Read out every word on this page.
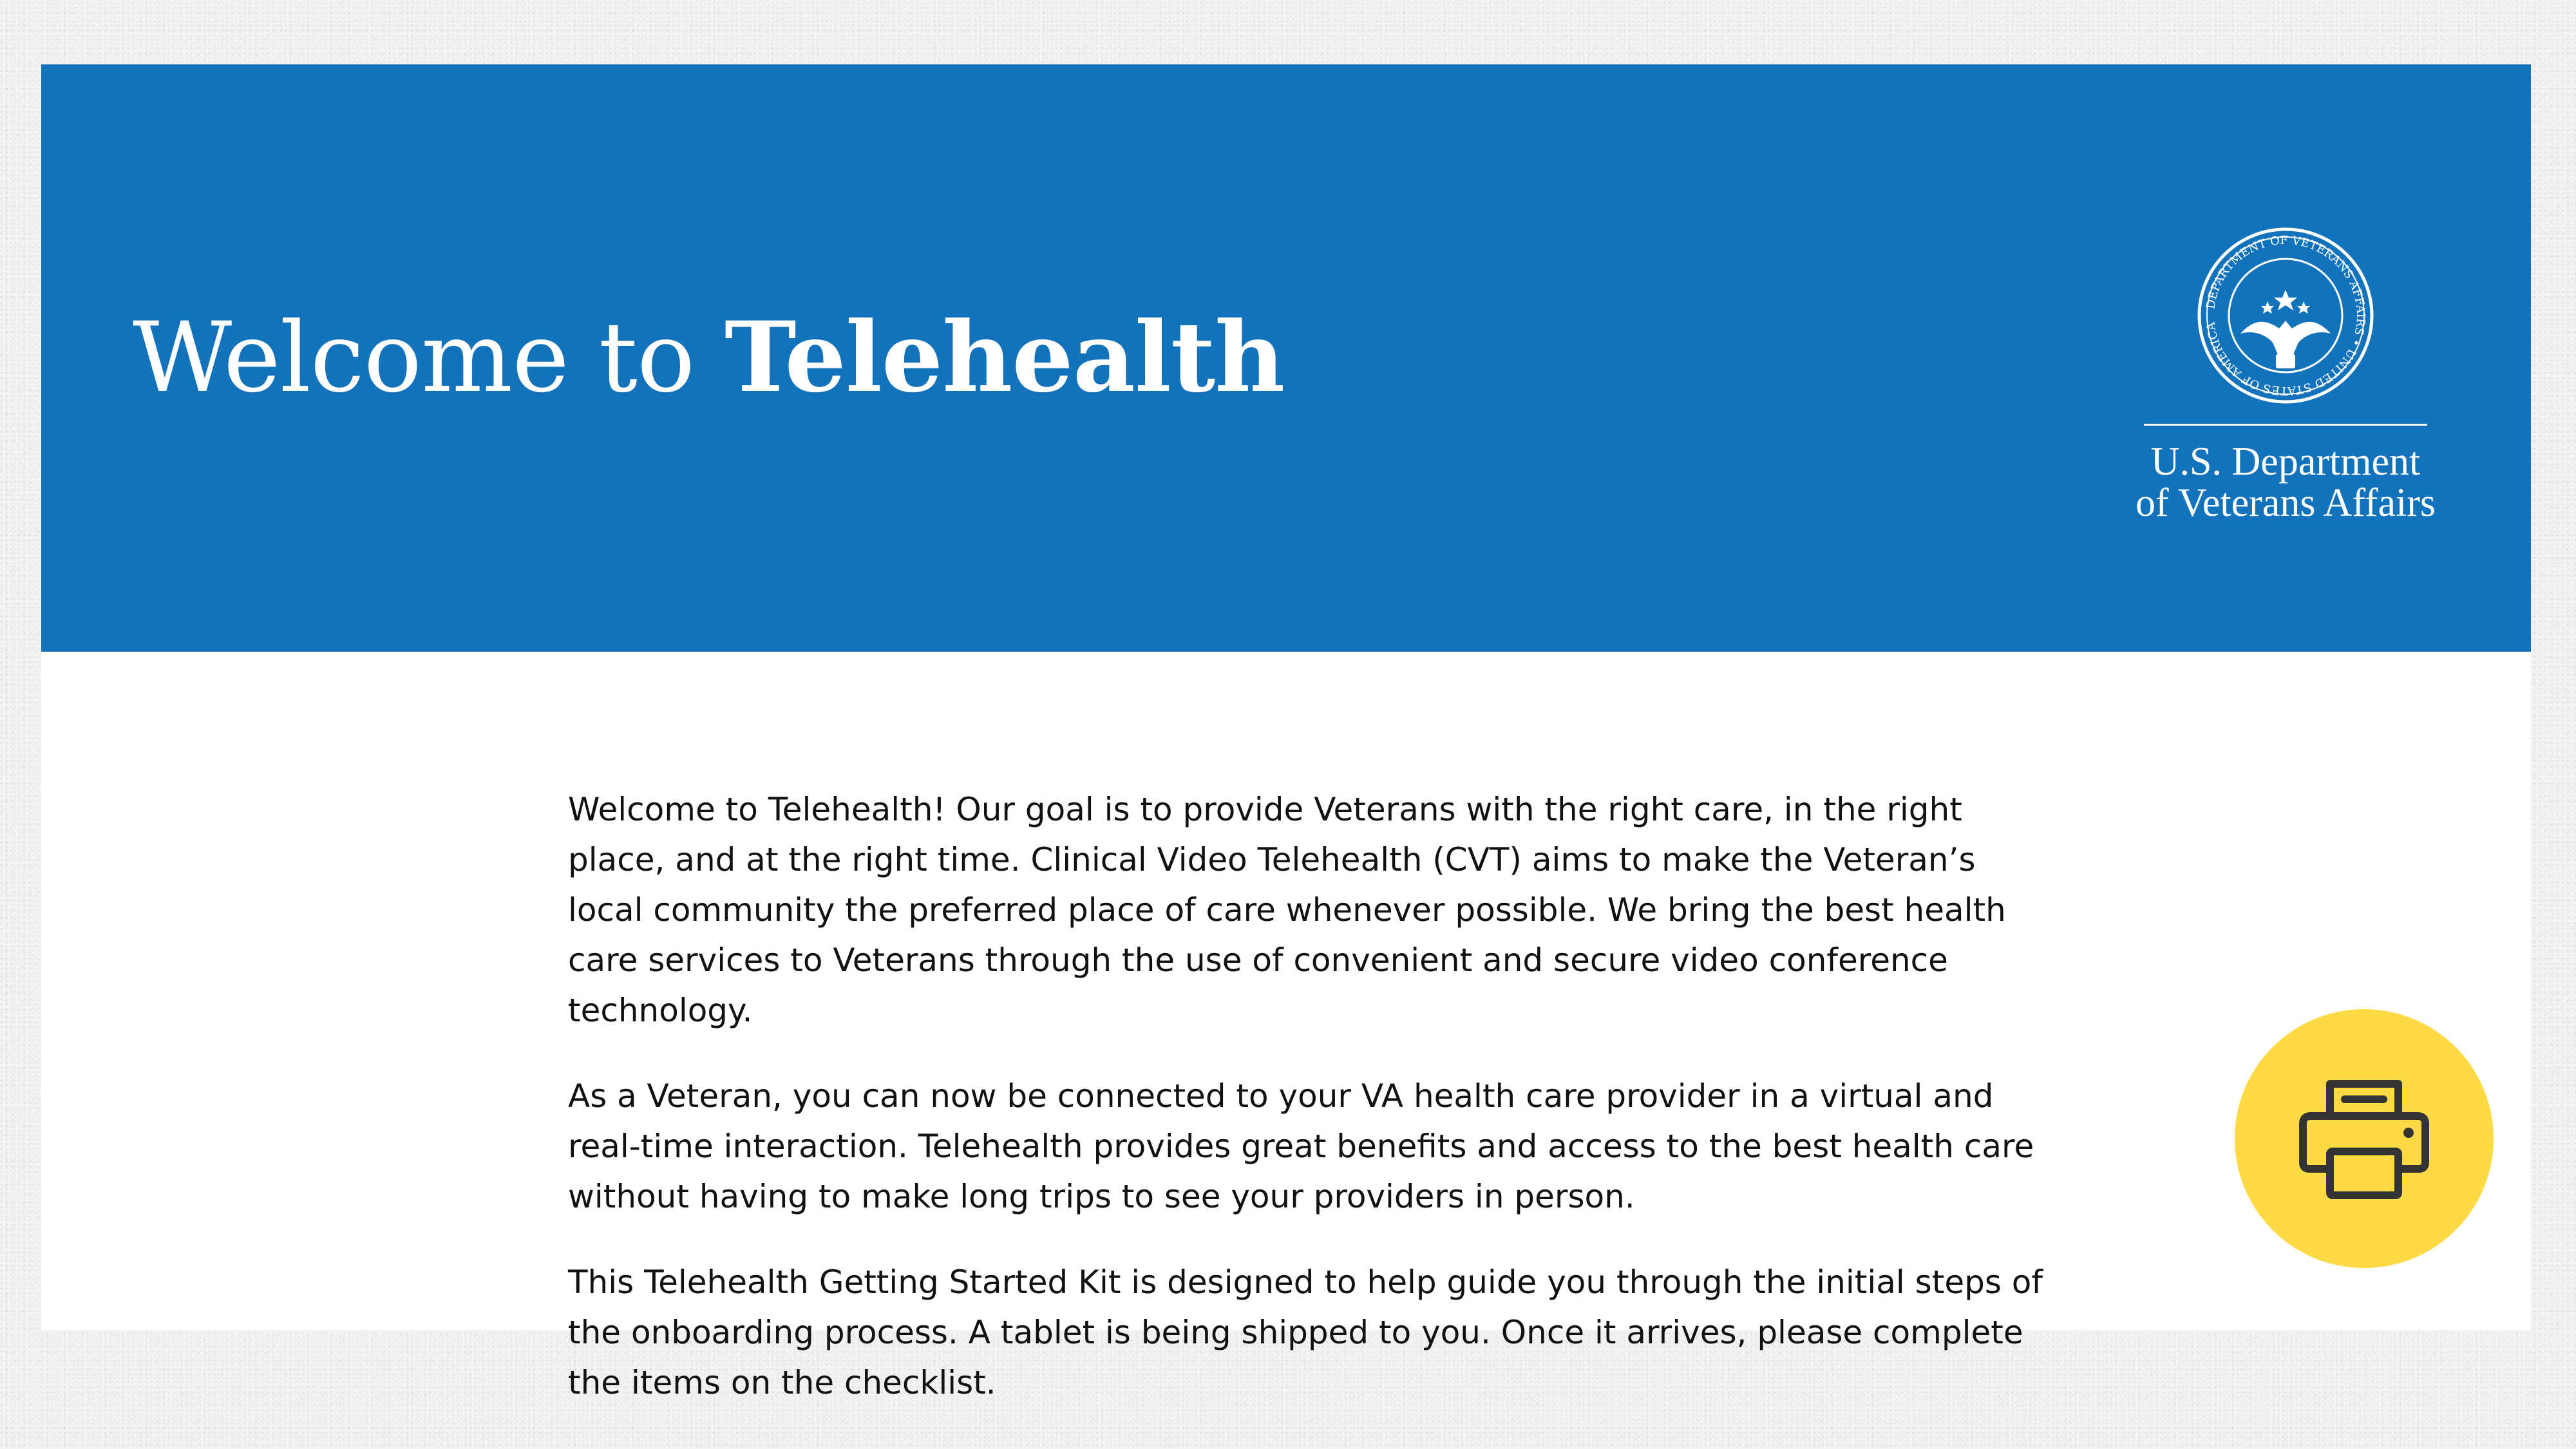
Welcome to Telehealth	DEPARTMENT OF VETERANS AFFAIRS • UNITED STATES OF AMERICA
U.S. Department
of Veterans Affairs

Welcome to Telehealth! Our goal is to provide Veterans with the right care, in the right place, and at the right time. Clinical Video Telehealth (CVT) aims to make the Veteran’s local community the preferred place of care whenever possible. We bring the best health care services to Veterans through the use of convenient and secure video conference technology.

As a Veteran, you can now be connected to your VA health care provider in a virtual and real-time interaction. Telehealth provides great benefits and access to the best health care without having to make long trips to see your providers in person.

This Telehealth Getting Started Kit is designed to help guide you through the initial steps of the onboarding process. A tablet is being shipped to you. Once it arrives, please complete the items on the checklist.
